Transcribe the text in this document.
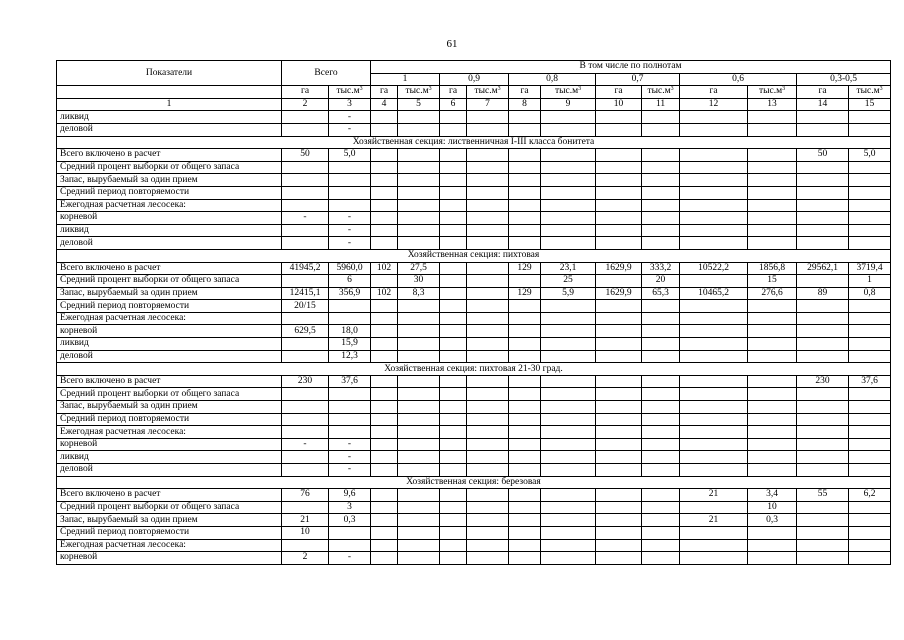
61
Показатели	Всего		В том числе по полнотам											
			1		0,9		0,8		0,7		0,6		0,3-0,5	
	га	$тыс.м^3$	га	$тыс.м^3$	га	$тыс.м^3$	га	$тыс.м^3$	га	$тыс.м^3$	га	$тыс.м^3$	га	$тыс.м^3$
1	2	3	4	5	6	7	8	9	10	11	12	13	14	15
ликвид		-												
деловой		-												
Хозяйственная секция: лиственничная I-III класса бонитета														
Всего включено в расчет	50	5,0											50	5,0
Средний процент выборки от общего запаса														
Запас, вырубаемый за один прием														
Средний период повторяемости														
Ежегодная расчетная лесосека:														
корневой	-	-												
ликвид		-												
деловой		-												
Хозяйственная секция: пихтовая														
Всего включено в расчет	41945,2	5960,0	102	27,5			129	23,1	1629,9	333,2	10522,2	1856,8	29562,1	3719,4
Средний процент выборки от общего запаса		6		30				25		20		15		1
Запас, вырубаемый за один прием	12415,1	356,9	102	8,3			129	5,9	1629,9	65,3	10465,2	276,6	89	0,8
Средний период повторяемости	20/15													
Ежегодная расчетная лесосека:														
корневой	629,5	18,0												
ликвид		15,9												
деловой		12,3												
Хозяйственная секция: пихтовая 21-30 град.														
Всего включено в расчет	230	37,6											230	37,6
Средний процент выборки от общего запаса														
Запас, вырубаемый за один прием														
Средний период повторяемости														
Ежегодная расчетная лесосека:														
корневой	-	-												
ликвид		-												
деловой		-												
Хозяйственная секция: березовая														
Всего включено в расчет	76	9,6									21	3,4	55	6,2
Средний процент выборки от общего запаса		3										10		
Запас, вырубаемый за один прием	21	0,3									21	0,3		
Средний период повторяемости	10													
Ежегодная расчетная лесосека:														
корневой	2	-												
